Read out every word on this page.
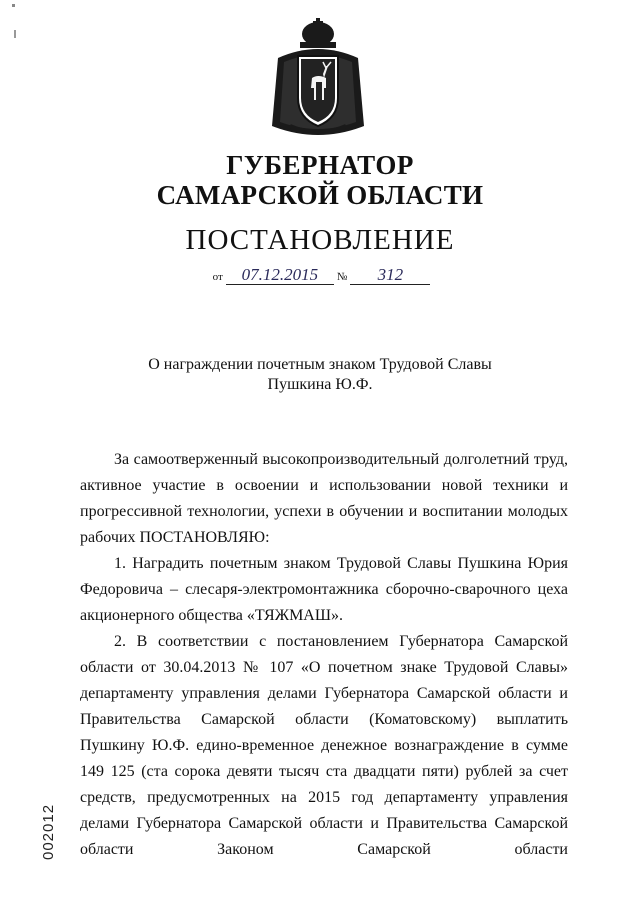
ГУБЕРНАТОР
САМАРСКОЙ ОБЛАСТИ
ПОСТАНОВЛЕНИЕ
от 07.12.2015 № 312
О награждении почетным знаком Трудовой Славы
Пушкина Ю.Ф.

За самоотверженный высокопроизводительный долголетний труд, активное участие в освоении и использовании новой техники и прогрессивной технологии, успехи в обучении и воспитании молодых рабочих ПОСТАНОВЛЯЮ:

1. Наградить почетным знаком Трудовой Славы Пушкина Юрия Федоровича – слесаря-электромонтажника сборочно-сварочного цеха акционерного общества «ТЯЖМАШ».

2. В соответствии с постановлением Губернатора Самарской области от 30.04.2013 № 107 «О почетном знаке Трудовой Славы» департаменту управления делами Губернатора Самарской области и Правительства Самарской области (Коматовскому) выплатить Пушкину Ю.Ф. едино-временное денежное вознаграждение в сумме 149 125 (ста сорока девяти тысяч ста двадцати пяти) рублей за счет средств, предусмотренных на 2015 год департаменту управления делами Губернатора Самарской области и Правительства Самарской области Законом Самарской области

002012
